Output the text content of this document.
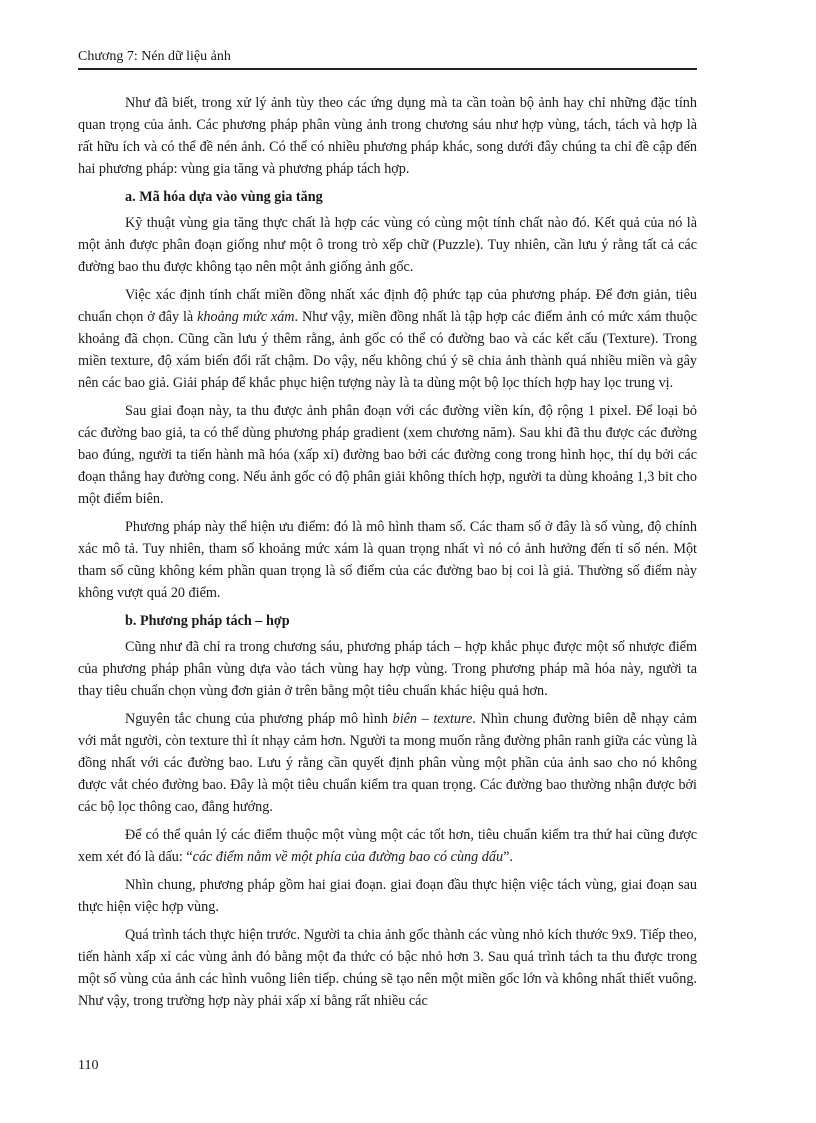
Chương 7: Nén dữ liệu ảnh

Như đã biết, trong xử lý ảnh tùy theo các ứng dụng mà ta cần toàn bộ ảnh hay chỉ những đặc tính quan trọng của ảnh. Các phương pháp phân vùng ảnh trong chương sáu như hợp vùng, tách, tách và hợp là rất hữu ích và có thể đề nén ảnh. Có thể có nhiều phương pháp khác, song dưới đây chúng ta chỉ đề cập đến hai phương pháp: vùng gia tăng và phương pháp tách hợp.

a. Mã hóa dựa vào vùng gia tăng

Kỹ thuật vùng gia tăng thực chất là hợp các vùng có cùng một tính chất nào đó. Kết quả của nó là một ảnh được phân đoạn giống như một ô trong trò xếp chữ (Puzzle). Tuy nhiên, cần lưu ý rằng tất cả các đường bao thu được không tạo nên một ảnh giống ảnh gốc.

Việc xác định tính chất miền đồng nhất xác định độ phức tạp của phương pháp. Để đơn giản, tiêu chuẩn chọn ở đây là khoảng mức xám. Như vậy, miền đồng nhất là tập hợp các điểm ảnh có mức xám thuộc khoảng đã chọn. Cũng cần lưu ý thêm rằng, ảnh gốc có thể có đường bao và các kết cấu (Texture). Trong miền texture, độ xám biến đổi rất chậm. Do vậy, nếu không chú ý sẽ chia ảnh thành quá nhiều miền và gây nên các bao giả. Giải pháp để khắc phục hiện tượng này là ta dùng một bộ lọc thích hợp hay lọc trung vị.

Sau giai đoạn này, ta thu được ảnh phân đoạn với các đường viền kín, độ rộng 1 pixel. Để loại bỏ các đường bao giả, ta có thể dùng phương pháp gradient (xem chương năm). Sau khi đã thu được các đường bao đúng, người ta tiến hành mã hóa (xấp xỉ) đường bao bởi các đường cong trong hình học, thí dụ bởi các đoạn thẳng hay đường cong. Nếu ảnh gốc có độ phân giải không thích hợp, người ta dùng khoảng 1,3 bit cho một điểm biên.

Phương pháp này thể hiện ưu điểm: đó là mô hình tham số. Các tham số ở đây là số vùng, độ chính xác mô tả. Tuy nhiên, tham số khoảng mức xám là quan trọng nhất vì nó có ảnh hưởng đến tỉ số nén. Một tham số cũng không kém phần quan trọng là số điểm của các đường bao bị coi là giả. Thường số điểm này không vượt quá 20 điểm.

b. Phương pháp tách – hợp

Cũng như đã chỉ ra trong chương sáu, phương pháp tách – hợp khắc phục được một số nhược điểm của phương pháp phân vùng dựa vào tách vùng hay hợp vùng. Trong phương pháp mã hóa này, người ta thay tiêu chuẩn chọn vùng đơn giản ở trên bằng một tiêu chuẩn khác hiệu quả hơn.

Nguyên tắc chung của phương pháp mô hình biên – texture. Nhìn chung đường biên dễ nhạy cảm với mắt người, còn texture thì ít nhạy cảm hơn. Người ta mong muốn rằng đường phân ranh giữa các vùng là đồng nhất với các đường bao. Lưu ý rằng cần quyết định phân vùng một phần của ảnh sao cho nó không được vắt chéo đường bao. Đây là một tiêu chuẩn kiểm tra quan trọng. Các đường bao thường nhận được bởi các bộ lọc thông cao, đẳng hướng.

Để có thể quản lý các điểm thuộc một vùng một các tốt hơn, tiêu chuẩn kiểm tra thứ hai cũng được xem xét đó là dấu: “các điểm nằm về một phía của đường bao có cùng dấu”.

Nhìn chung, phương pháp gồm hai giai đoạn. giai đoạn đầu thực hiện việc tách vùng, giai đoạn sau thực hiện việc hợp vùng.

Quá trình tách thực hiện trước. Người ta chia ảnh gốc thành các vùng nhỏ kích thước 9x9. Tiếp theo, tiến hành xấp xỉ các vùng ảnh đó bằng một đa thức có bậc nhỏ hơn 3. Sau quá trình tách ta thu được trong một số vùng của ảnh các hình vuông liên tiếp. chúng sẽ tạo nên một miền gốc lớn và không nhất thiết vuông. Như vậy, trong trường hợp này phải xấp xỉ bằng rất nhiều các

110
